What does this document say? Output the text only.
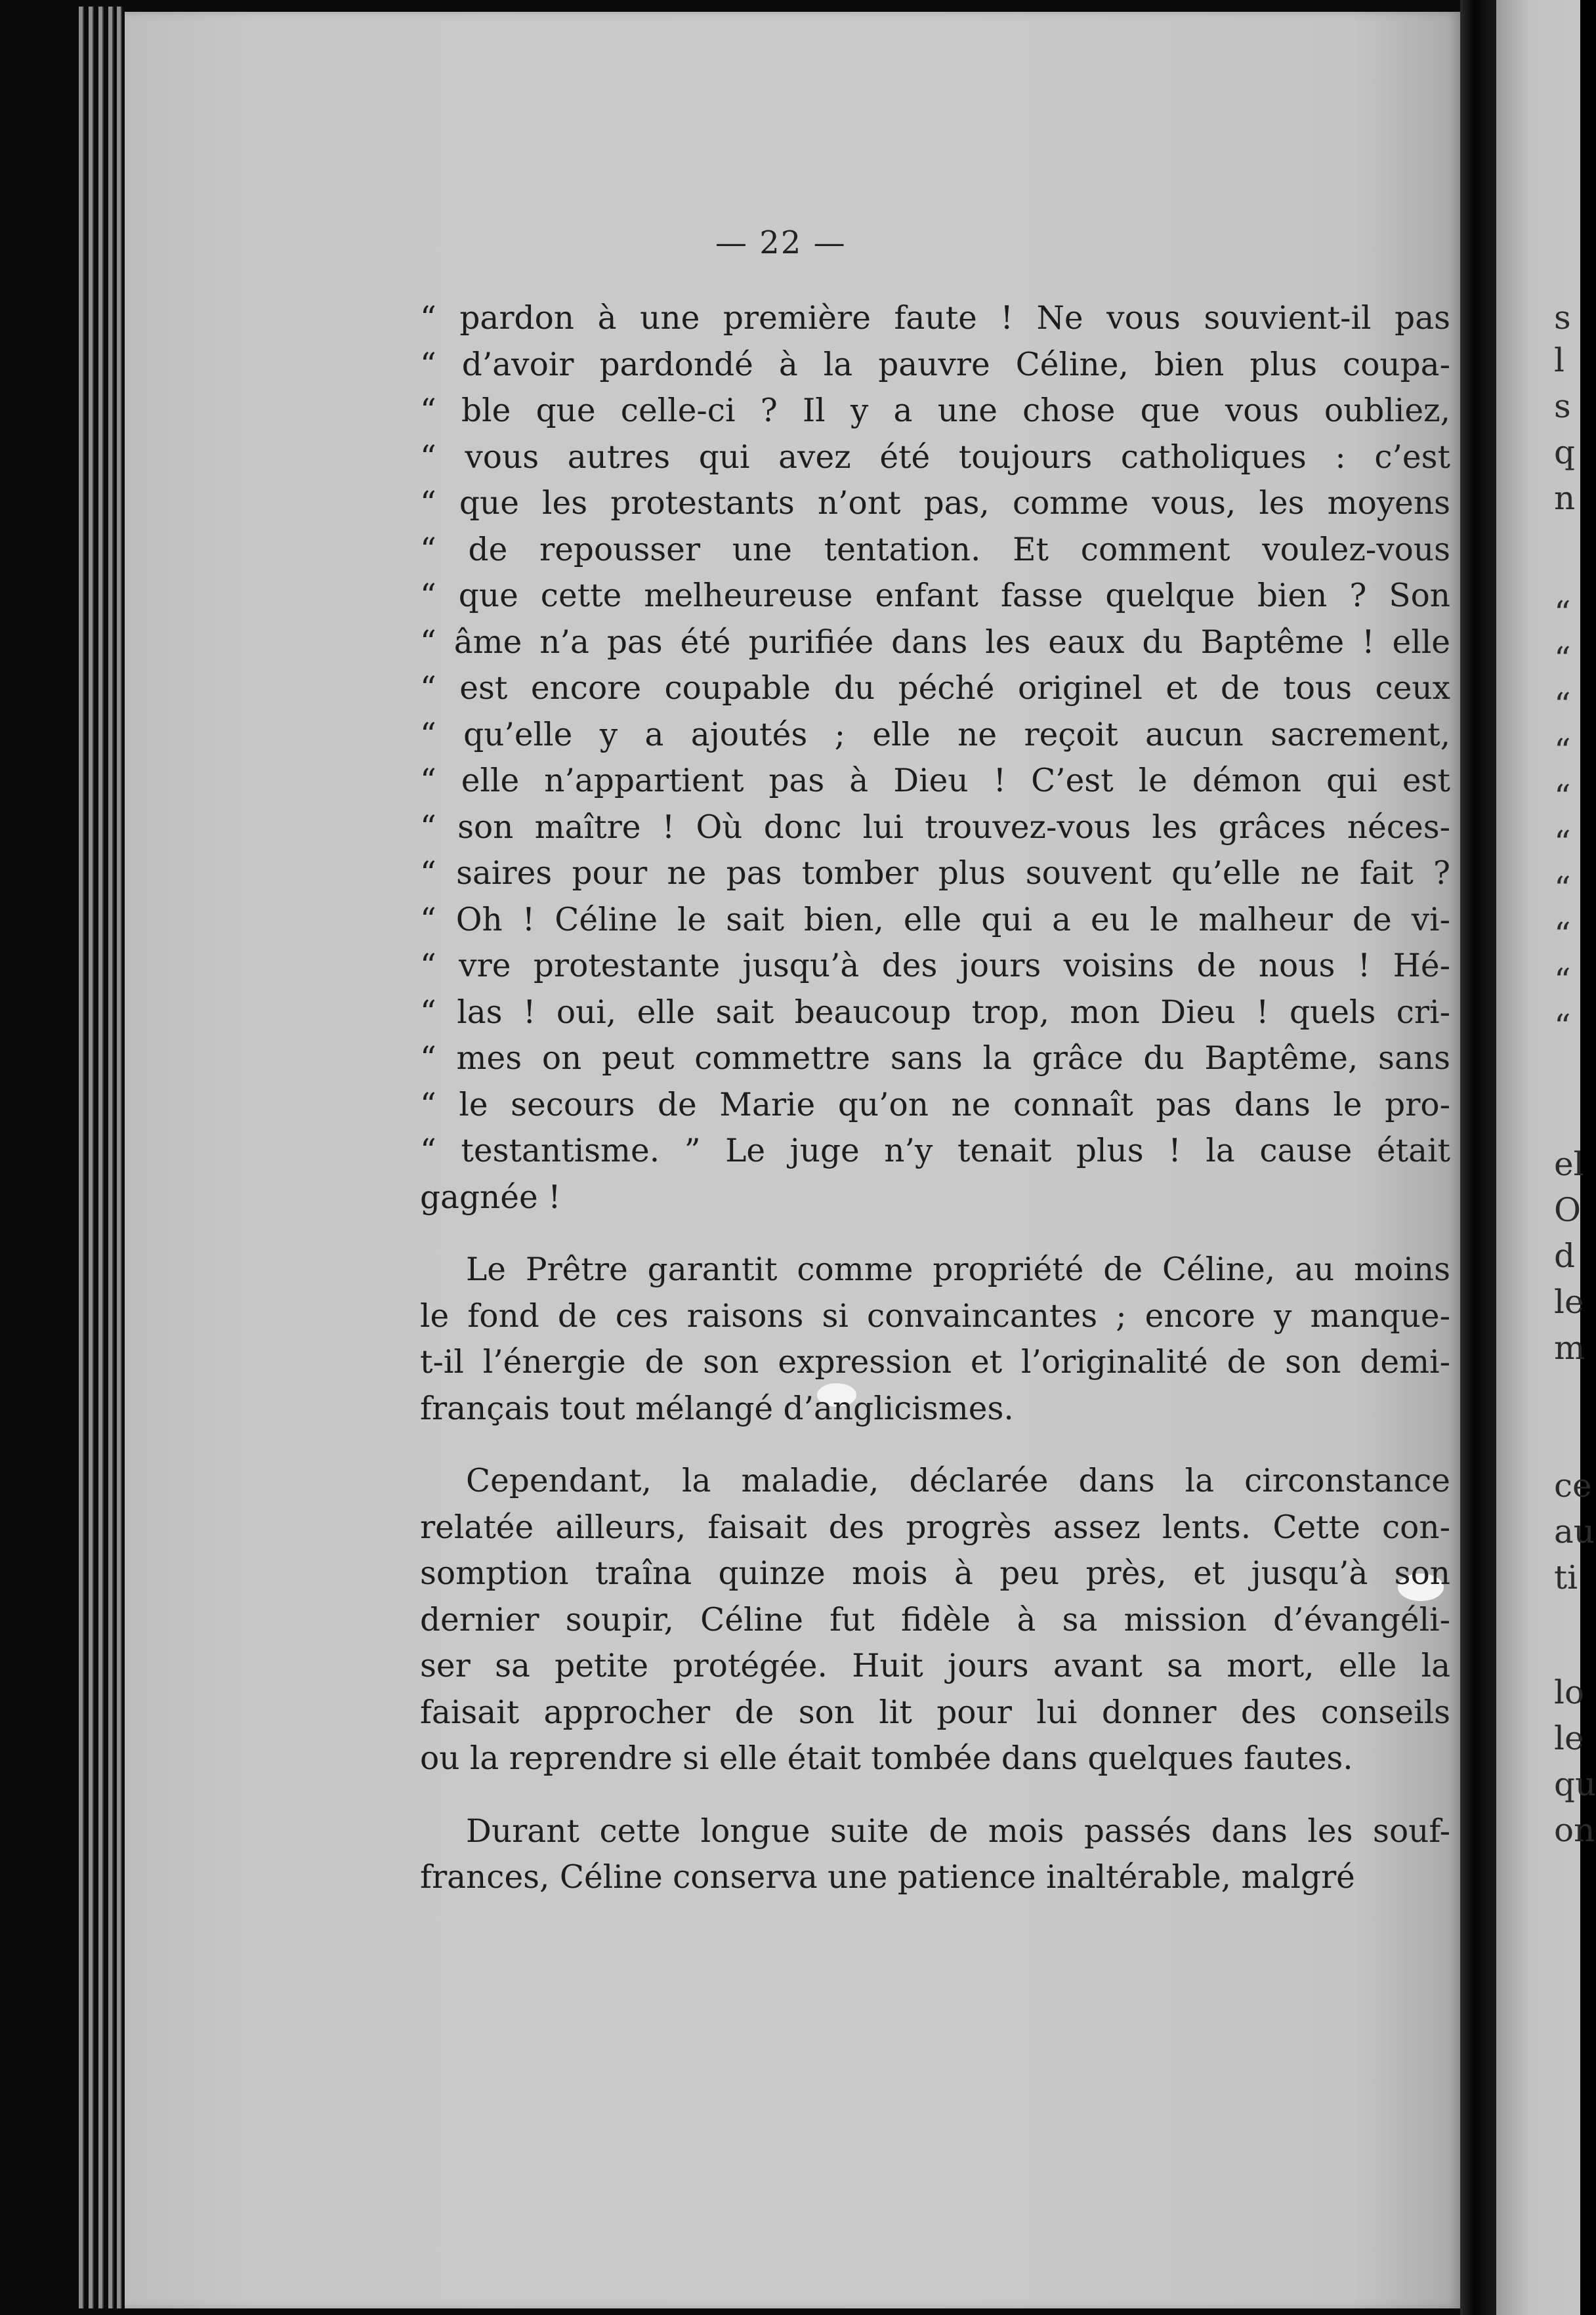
— 22 —
“ pardon à une première faute ! Ne vous souvient-il pas
“ d’avoir pardondé à la pauvre Céline, bien plus coupa-
“ ble que celle-ci ? Il y a une chose que vous oubliez,
“ vous autres qui avez été toujours catholiques : c’est
“ que les protestants n’ont pas, comme vous, les moyens
“ de repousser une tentation. Et comment voulez-vous
“ que cette melheureuse enfant fasse quelque bien ? Son
“ âme n’a pas été purifiée dans les eaux du Baptême ! elle
“ est encore coupable du péché originel et de tous ceux
“ qu’elle y a ajoutés ; elle ne reçoit aucun sacrement,
“ elle n’appartient pas à Dieu ! C’est le démon qui est
“ son maître ! Où donc lui trouvez-vous les grâces néces-
“ saires pour ne pas tomber plus souvent qu’elle ne fait ?
“ Oh ! Céline le sait bien, elle qui a eu le malheur de vi-
“ vre protestante jusqu’à des jours voisins de nous ! Hé-
“ las ! oui, elle sait beaucoup trop, mon Dieu ! quels cri-
“ mes on peut commettre sans la grâce du Baptême, sans
“ le secours de Marie qu’on ne connaît pas dans le pro-
“ testantisme. ” Le juge n’y tenait plus ! la cause était
gagnée !
Le Prêtre garantit comme propriété de Céline, au moins
le fond de ces raisons si convaincantes ; encore y manque-
t-il l’énergie de son expression et l’originalité de son demi-
français tout mélangé d’anglicismes.
Cependant, la maladie, déclarée dans la circonstance
relatée ailleurs, faisait des progrès assez lents. Cette con-
somption traîna quinze mois à peu près, et jusqu’à son
dernier soupir, Céline fut fidèle à sa mission d’évangéli-
ser sa petite protégée. Huit jours avant sa mort, elle la
faisait approcher de son lit pour lui donner des conseils
ou la reprendre si elle était tombée dans quelques fautes.
Durant cette longue suite de mois passés dans les souf-
frances, Céline conserva une patience inaltérable, malgré
s
l
s
q
n
“
“
“
“
“
“
“
“
“
“
el
O
d
le
m
ce
au
ti
lo
le
qu
on
